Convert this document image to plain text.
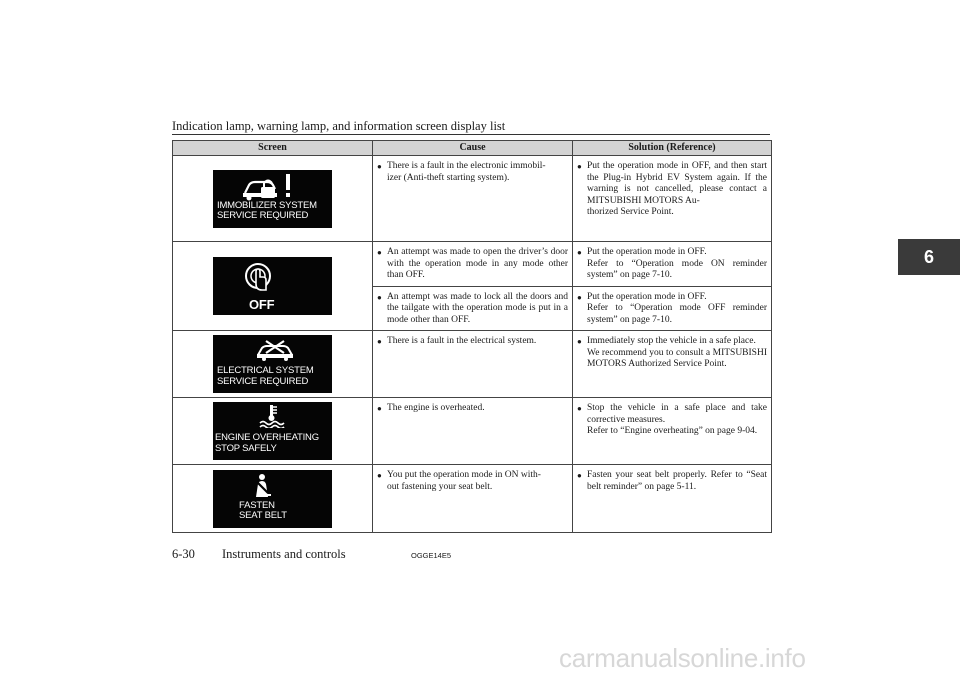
Indication lamp, warning lamp, and information screen display list
6
Screen	Cause	Solution (Reference)

IMMOBILIZER SYSTEM
SERVICE REQUIRED	● There is a fault in the electronic immobil-
izer (Anti-theft starting system).	● Put the operation mode in OFF, and then start the Plug-in Hybrid EV System again. If the warning is not cancelled, please contact a MITSUBISHI MOTORS Au-
thorized Service Point.

OFF	● An attempt was made to open the driver’s door with the operation mode in any mode other than OFF.	● Put the operation mode in OFF.
Refer to “Operation mode ON reminder system” on page 7-10.

	● An attempt was made to lock all the doors and the tailgate with the operation mode is put in a mode other than OFF.	● Put the operation mode in OFF.
Refer to “Operation mode OFF reminder system” on page 7-10.

ELECTRICAL SYSTEM
SERVICE REQUIRED	● There is a fault in the electrical system.	● Immediately stop the vehicle in a safe place.
We recommend you to consult a MITSUBISHI MOTORS Authorized Service Point.

ENGINE OVERHEATING
STOP SAFELY	● The engine is overheated.	● Stop the vehicle in a safe place and take corrective measures.
Refer to “Engine overheating” on page 9-04.

FASTEN
SEAT BELT	● You put the operation mode in ON with-
out fastening your seat belt.	● Fasten your seat belt properly. Refer to “Seat belt reminder” on page 5-11.
6-30 Instruments and controls	OGGE14E5
carmanualsonline.info
